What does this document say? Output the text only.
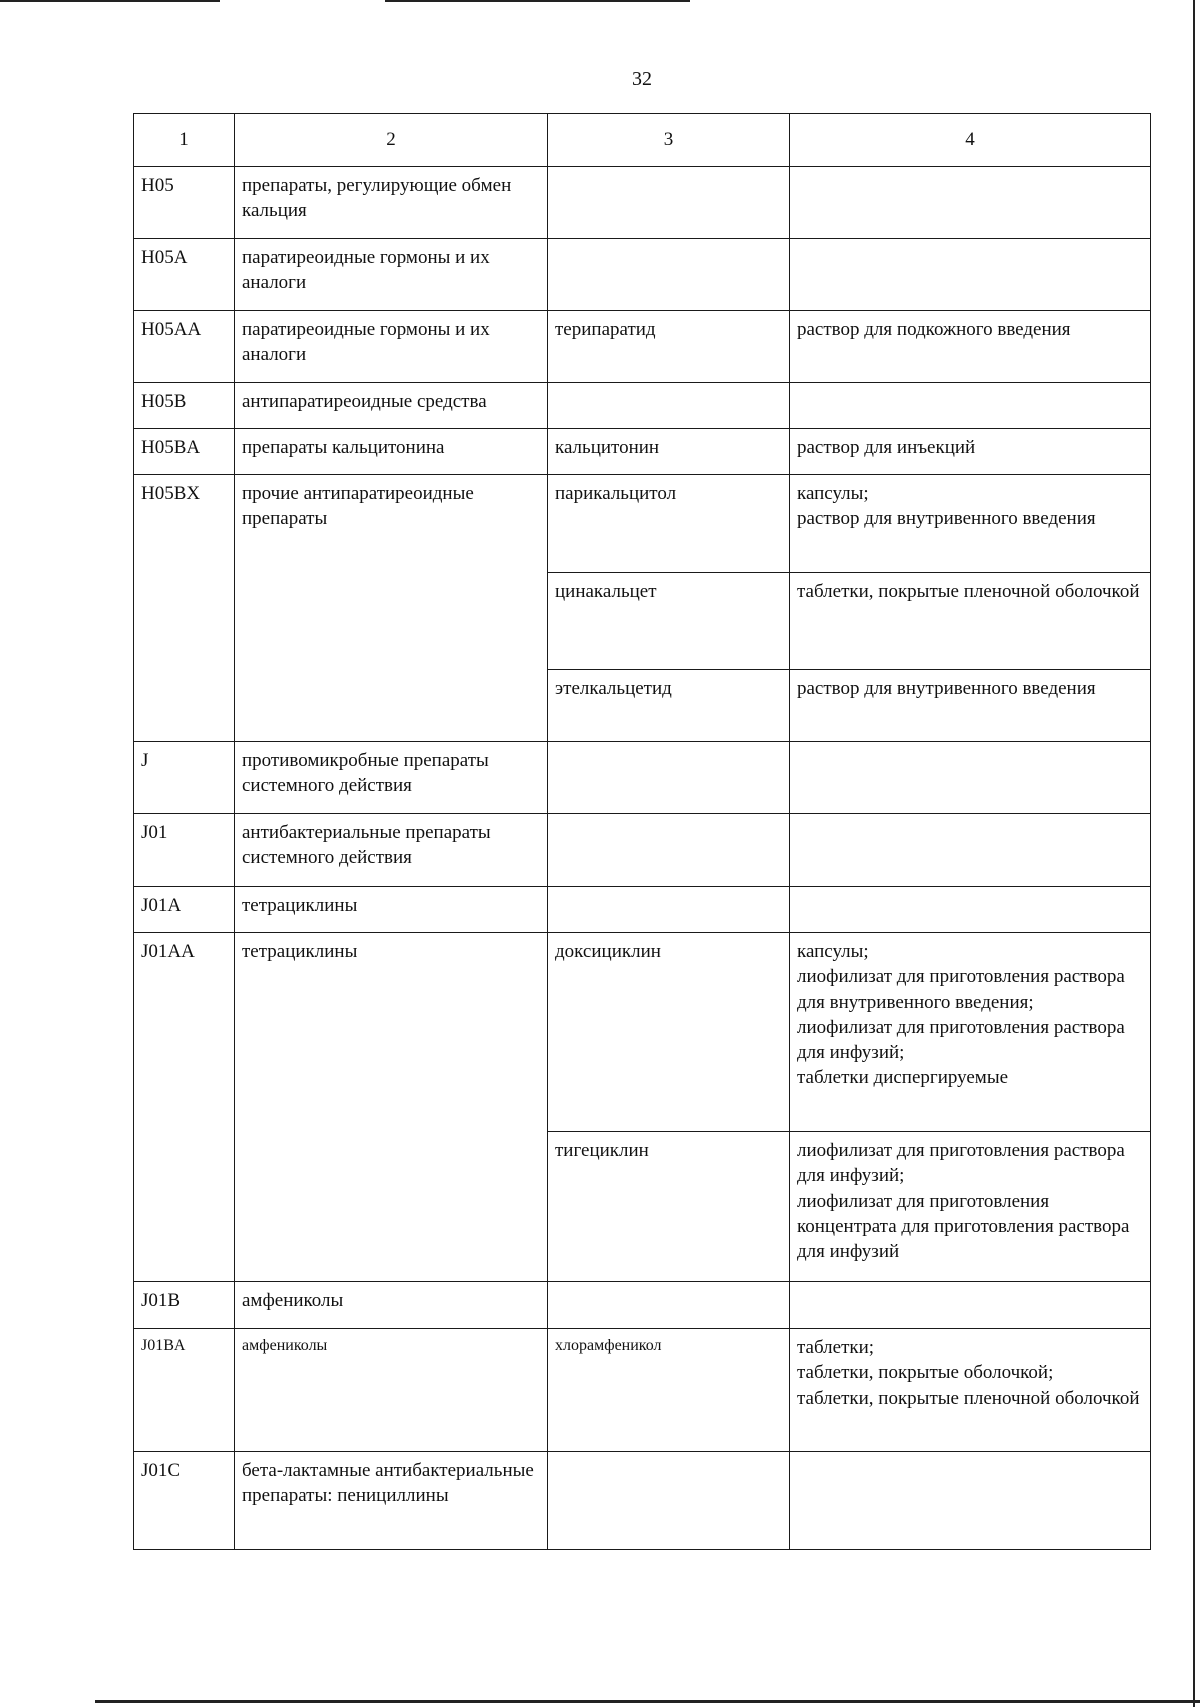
32
1	2	3	4
H05	препараты, регулирующие обмен кальция		
H05A	паратиреоидные гормоны и их аналоги		
H05AA	паратиреоидные гормоны и их аналоги	терипаратид	раствор для подкожного введения
H05B	антипаратиреоидные средства		
H05BA	препараты кальцитонина	кальцитонин	раствор для инъекций
H05BX	прочие антипаратиреоидные препараты	парикальцитол	капсулы;
раствор для внутривенного введения

		цинакальцет	таблетки, покрытые пленочной оболочкой
		этелкальцетид	раствор для внутривенного введения
J	противомикробные препараты системного действия		
J01	антибактериальные препараты системного действия		
J01A	тетрациклины		
J01AA	тетрациклины	доксициклин	капсулы;
лиофилизат для приготовления раствора для внутривенного введения;
лиофилизат для приготовления раствора для инфузий;
таблетки диспергируемые

		тигециклин	лиофилизат для приготовления раствора для инфузий;
лиофилизат для приготовления концентрата для приготовления раствора для инфузий

J01B	амфениколы		
J01BA	амфениколы	хлорамфеникол	таблетки;
таблетки, покрытые оболочкой;
таблетки, покрытые пленочной оболочкой

J01C	бета-лактамные антибактериальные препараты: пенициллины		
